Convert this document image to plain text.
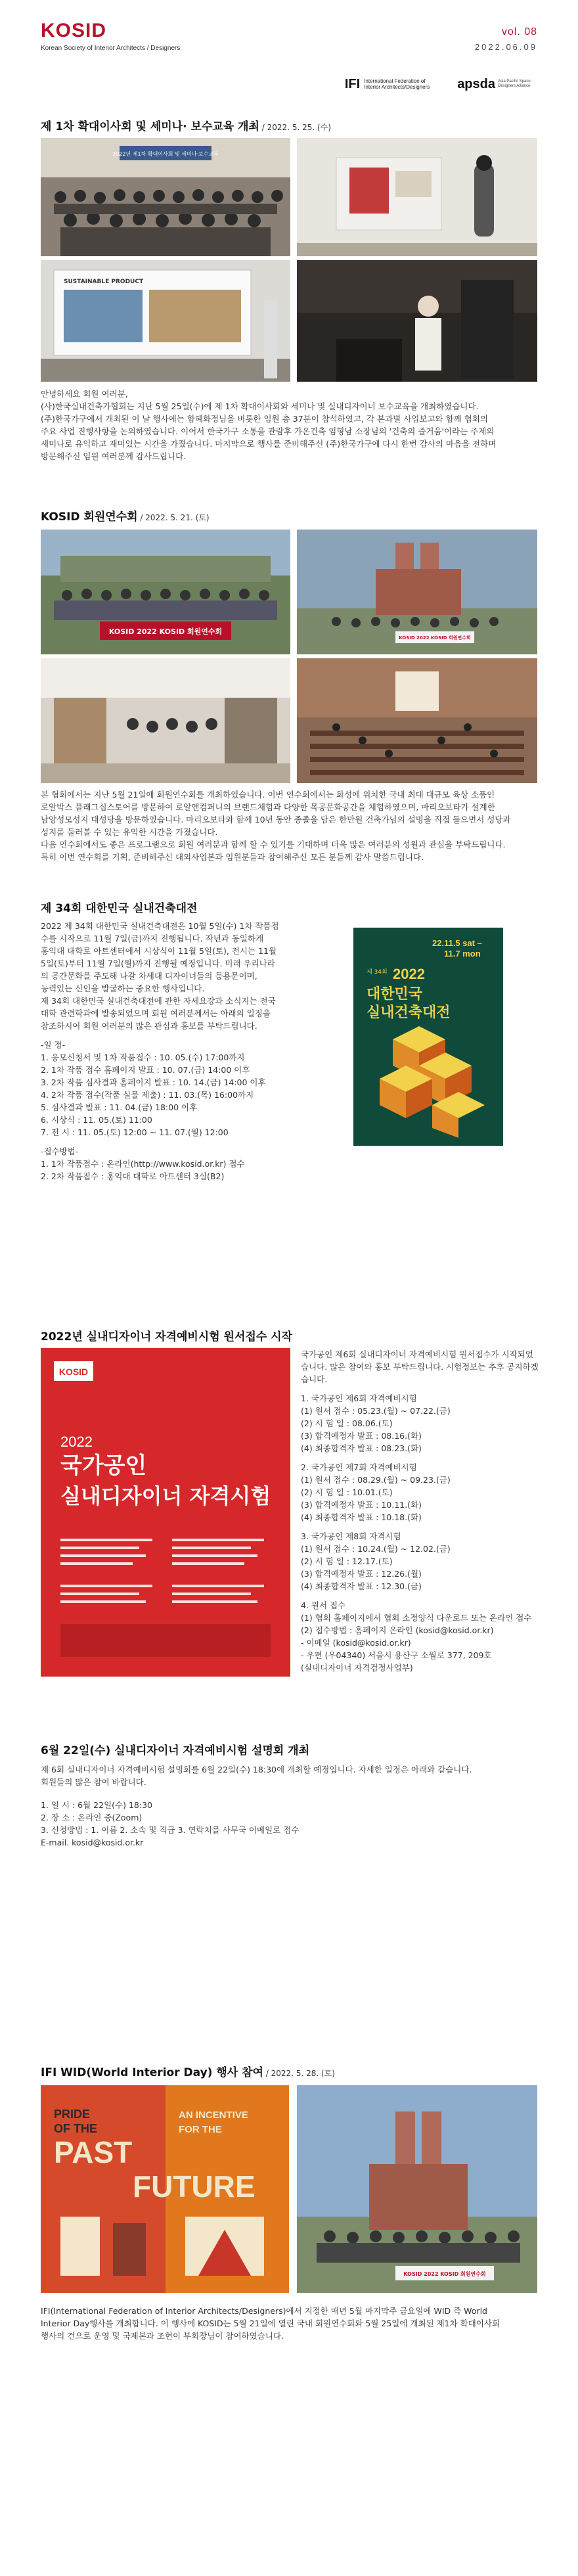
KOSID
Korean Society of Interior Architects / Designers
vol. 08
2022.06.09
IFI International Federation of Interior Architects/Designers	apsda Asia Pacific Space Designers Alliance
제 1차 확대이사회 및 세미나· 보수교육 개최 / 2022. 5. 25. (수)
2022년 제1차 확대이사회 및 세미나·보수교육
SUSTAINABLE PRODUCT

안녕하세요 회원 여러분,

(사)한국실내건축가협회는 지난 5월 25일(수)에 제 1차 확대이사회와 세미나 및 실내디자이너 보수교육을 개최하였습니다.

(주)한국가구에서 개최된 이 날 행사에는 함혜화정님을 비롯한 임원 총 37분이 참석하였고, 각 본과별 사업보고와 함께 협회의

주요 사업 진행사항을 논의하였습니다. 이어서 한국가구 소통을 관람후 가온건축 임형남 소장님의 '건축의 즐거움'이라는 주제의

세미나로 유익하고 재미있는 시간을 가졌습니다. 마지막으로 행사를 준비해주신 (주)한국가구에 다시 한번 감사의 마음을 전하며

방문해주신 임원 여러분께 감사드립니다.

KOSID 회원연수회 / 2022. 5. 21. (토)
KOSID 2022 KOSID 회원연수회
KOSID 2022 KOSID 회원연수회

본 협회에서는 지난 5월 21일에 회원연수회를 개최하였습니다. 이번 연수회에서는 화성에 위치한 국내 최대 대규모 육상 소품인

로알박스 플래그십스토어를 방문하여 로알앤컴퍼니의 브랜드체험과 다양한 목공문화공간을 체험하였으며, 마리오보타가 설계한

남양성모성지 대성당을 방문하였습니다. 마리오보타와 함께 10년 동안 종졸을 담은 한만원 건축가님의 설명을 직접 들으면서 성당과

성지를 둘러볼 수 있는 유익한 시간을 가졌습니다.

다음 연수회에서도 좋은 프로그램으로 회원 여러분과 함께 할 수 있기를 기대하며 더욱 많은 여러분의 성원과 관심을 부탁드립니다.

특히 이번 연수회를 기획, 준비해주신 대외사업본과 임원분들과 참여해주신 모든 분들께 감사 말씀드립니다.

제 34회 대한민국 실내건축대전
2022 제 34회 대한민국 실내건축대전은 10월 5일(수) 1차 작품접
수를 시작으로 11월 7일(금)까지 진행됩니다. 작년과 동일하게
홍익대 대학로 아트센터에서 시상식이 11월 5일(토), 전시는 11월
5일(토)부터 11월 7일(월)까지 진행될 예정입니다. 미래 우리나라
의 공간문화를 주도해 나갈 차세대 디자이너들의 등용문이며,
능력있는 신인을 발굴하는 중요한 행사입니다.
제 34회 대한민국 실내건축대전에 관한 자세요강과 소식지는 전국
대학 관련학과에 발송되었으며 회원 여러분께서는 아래의 일정을
참조하시어 회원 여러분의 많은 관심과 홍보를 부탁드립니다.
-일 정-
1. 응모신청서 및 1차 작품접수 : 10. 05.(수) 17:00까지
2. 1차 작품 접수 홈페이지 발표 : 10. 07.(금) 14:00 이후
3. 2차 작품 심사결과 홈페이지 발표 : 10. 14.(금) 14:00 이후
4. 2차 작품 접수(작품 실물 제출) : 11. 03.(목) 16:00까지
5. 심사결과 발표 : 11. 04.(금) 18:00 이후
6. 시상식 : 11. 05.(토) 11:00
7. 전 시 : 11. 05.(토) 12:00 ~ 11. 07.(월) 12:00
-접수방법-
1. 1차 작품접수 : 온라인(http://www.kosid.or.kr) 접수
2. 2차 작품접수 : 홍익대 대학로 아트센터 3실(B2)
22.11.5 sat –
11.7 mon
제 34회 2022
대한민국
실내건축대전
2022년 실내디자이너 자격예비시험 원서접수 시작
KOSID
2022
국가공인
실내디자이너 자격시험
국가공인 제6회 실내디자이너 자격예비시험 원서접수가 시작되었
습니다. 많은 참여와 홍보 부탁드립니다. 시험정보는 추후 공지하겠
습니다.
1. 국가공인 제6회 자격예비시험
(1) 원서 접수 : 05.23.(월) ~ 07.22.(금)
(2) 시 험 일 : 08.06.(토)
(3) 합격예정자 발표 : 08.16.(화)
(4) 최종합격자 발표 : 08.23.(화)
2. 국가공인 제7회 자격예비시험
(1) 원서 접수 : 08.29.(월) ~ 09.23.(금)
(2) 시 험 일 : 10.01.(토)
(3) 합격예정자 발표 : 10.11.(화)
(4) 최종합격자 발표 : 10.18.(화)
3. 국가공인 제8회 자격시험
(1) 원서 접수 : 10.24.(월) ~ 12.02.(금)
(2) 시 험 일 : 12.17.(토)
(3) 합격예정자 발표 : 12.26.(월)
(4) 최종합격자 발표 : 12.30.(금)
4. 원서 접수
(1) 협회 홈페이지에서 협회 소정양식 다운로드 또는 온라인 접수
(2) 접수방법 : 홈페이지 온라인 (kosid@kosid.or.kr)
- 이메일 (kosid@kosid.or.kr)
- 우편 (우04340) 서울시 용산구 소월로 377, 209호
(실내디자이너 자격검정사업부)
6월 22일(수) 실내디자이너 자격예비시험 설명회 개최
제 6회 실내디자이너 자격예비시험 설명회를 6월 22일(수) 18:30에 개최할 예정입니다. 자세한 일정은 아래와 같습니다.
회원들의 많은 참여 바랍니다.
1. 일 시 : 6월 22일(수) 18:30
2. 장 소 : 온라인 중(Zoom)
3. 신청방법 : 1. 이름 2. 소속 및 직급 3. 연락처를 사무국 이메일로 접수
E-mail. kosid@kosid.or.kr
IFI WID(World Interior Day) 행사 참여 / 2022. 5. 28. (토)
PRIDE
OF THE
PAST
AN INCENTIVE
FOR THE
FUTURE
KOSID 2022 KOSID 회원연수회

IFI(International Federation of Interior Architects/Designers)에서 지정한 매년 5월 마지막주 금요일에 WID 즉 World

Interior Day행사를 개최합니다. 이 행사에 KOSID는 5월 21일에 열린 국내 회원연수회와 5월 25일에 개최된 제1차 확대이사회

행사의 건으로 운영 및 국제본과 조현이 부회장님이 참여하였습니다.
